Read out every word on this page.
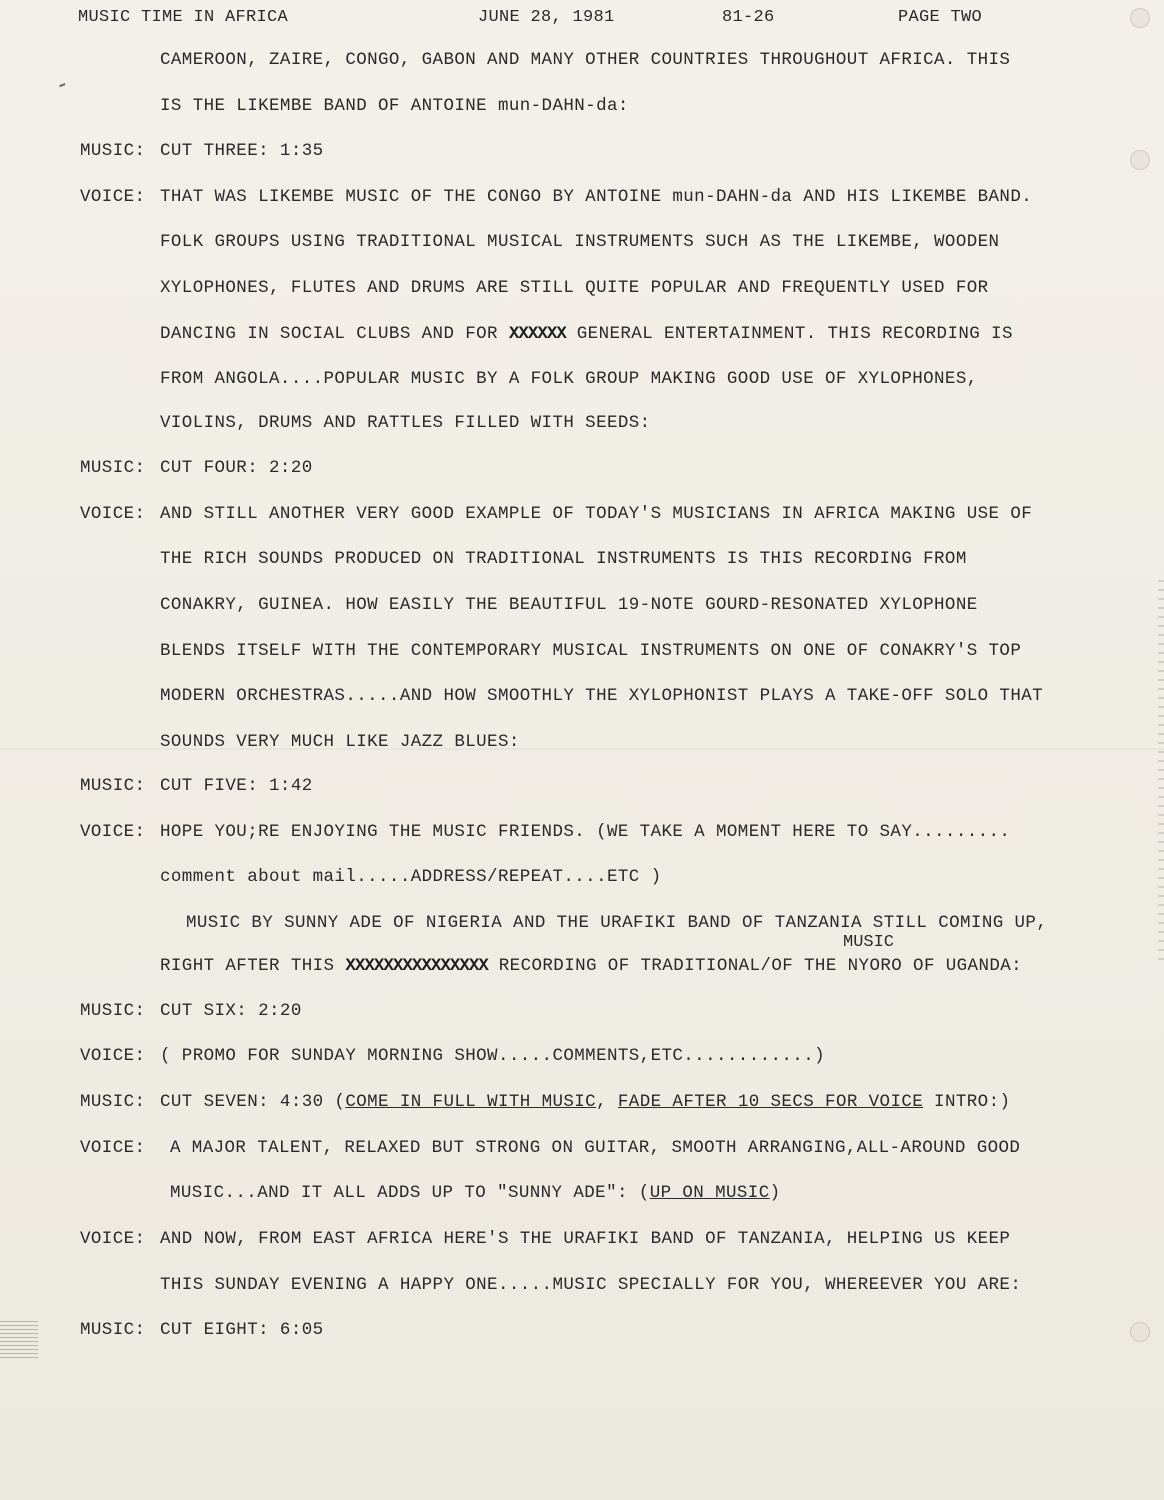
MUSIC TIME IN AFRICA	JUNE 28, 1981	81-26	PAGE TWO
CAMEROON, ZAIRE, CONGO, GABON AND MANY OTHER COUNTRIES THROUGHOUT AFRICA. THIS
IS THE LIKEMBE BAND OF ANTOINE mun-DAHN-da:
MUSIC: CUT THREE: 1:35
VOICE: THAT WAS LIKEMBE MUSIC OF THE CONGO BY ANTOINE mun-DAHN-da AND HIS LIKEMBE BAND.
FOLK GROUPS USING TRADITIONAL MUSICAL INSTRUMENTS SUCH AS THE LIKEMBE, WOODEN
XYLOPHONES, FLUTES AND DRUMS ARE STILL QUITE POPULAR AND FREQUENTLY USED FOR
DANCING IN SOCIAL CLUBS AND FOR XXXXXX GENERAL ENTERTAINMENT. THIS RECORDING IS
FROM ANGOLA....POPULAR MUSIC BY A FOLK GROUP MAKING GOOD USE OF XYLOPHONES,
VIOLINS, DRUMS AND RATTLES FILLED WITH SEEDS:
MUSIC: CUT FOUR: 2:20
VOICE: AND STILL ANOTHER VERY GOOD EXAMPLE OF TODAY'S MUSICIANS IN AFRICA MAKING USE OF
THE RICH SOUNDS PRODUCED ON TRADITIONAL INSTRUMENTS IS THIS RECORDING FROM
CONAKRY, GUINEA. HOW EASILY THE BEAUTIFUL 19-NOTE GOURD-RESONATED XYLOPHONE
BLENDS ITSELF WITH THE CONTEMPORARY MUSICAL INSTRUMENTS ON ONE OF CONAKRY'S TOP
MODERN ORCHESTRAS.....AND HOW SMOOTHLY THE XYLOPHONIST PLAYS A TAKE-OFF SOLO THAT
SOUNDS VERY MUCH LIKE JAZZ BLUES:
MUSIC: CUT FIVE: 1:42
VOICE: HOPE YOU;RE ENJOYING THE MUSIC FRIENDS. (WE TAKE A MOMENT HERE TO SAY.........
comment about mail.....ADDRESS/REPEAT....ETC )
MUSIC BY SUNNY ADE OF NIGERIA AND THE URAFIKI BAND OF TANZANIA STILL COMING UP,
MUSIC
RIGHT AFTER THIS XXXXXXXXXXXXXXX RECORDING OF TRADITIONAL/OF THE NYORO OF UGANDA:
MUSIC: CUT SIX: 2:20
VOICE: ( PROMO FOR SUNDAY MORNING SHOW.....COMMENTS,ETC............)
MUSIC: CUT SEVEN: 4:30 (COME IN FULL WITH MUSIC, FADE AFTER 10 SECS FOR VOICE INTRO:)
VOICE: A MAJOR TALENT, RELAXED BUT STRONG ON GUITAR, SMOOTH ARRANGING,ALL-AROUND GOOD
MUSIC...AND IT ALL ADDS UP TO "SUNNY ADE": (UP ON MUSIC)
VOICE: AND NOW, FROM EAST AFRICA HERE'S THE URAFIKI BAND OF TANZANIA, HELPING US KEEP
THIS SUNDAY EVENING A HAPPY ONE.....MUSIC SPECIALLY FOR YOU, WHEREEVER YOU ARE:
MUSIC: CUT EIGHT: 6:05
